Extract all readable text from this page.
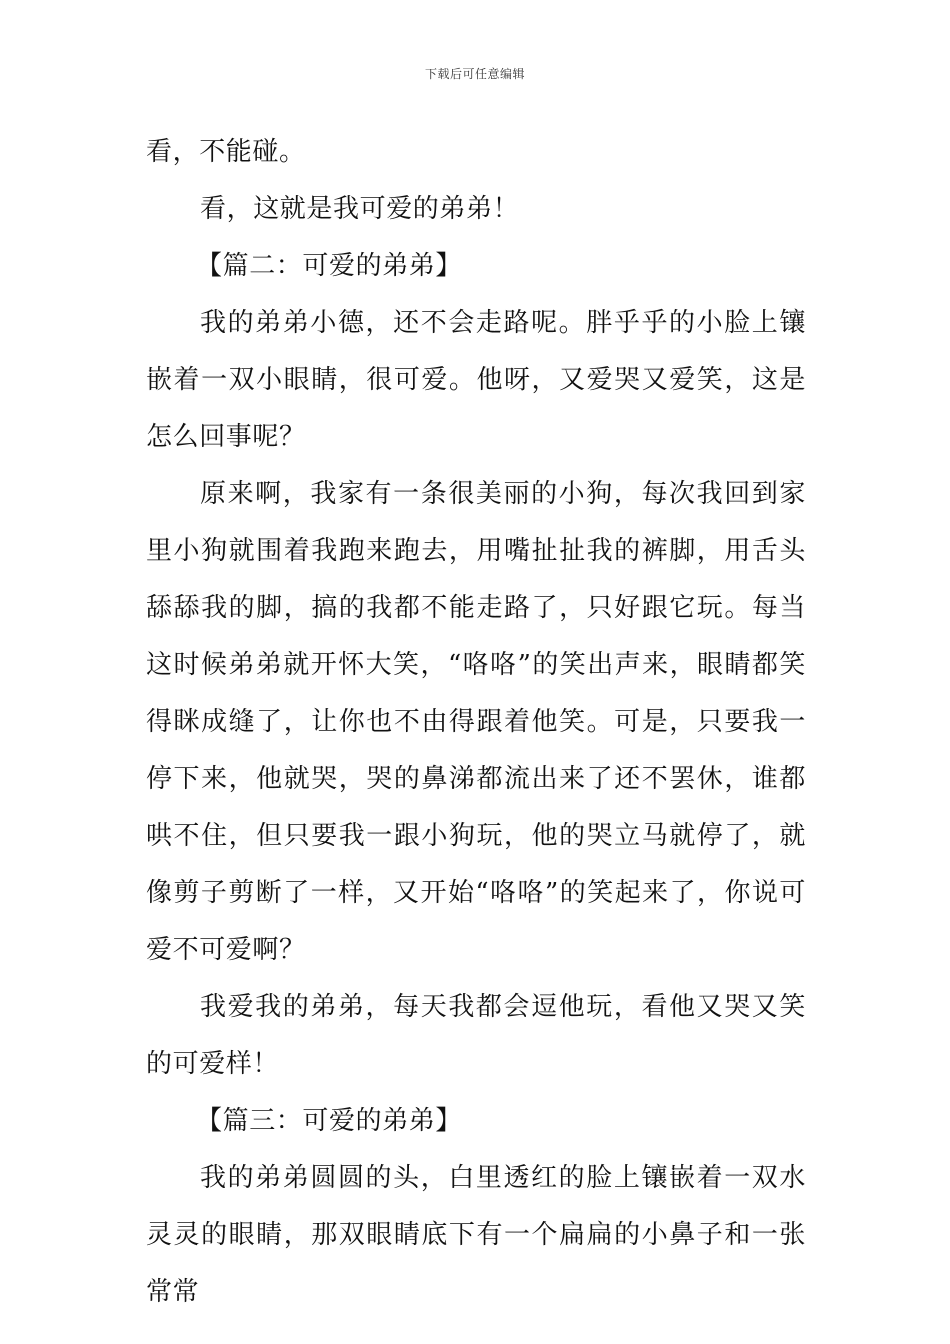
下载后可任意编辑

看，不能碰。

看，这就是我可爱的弟弟！

【篇二：可爱的弟弟】

我的弟弟小德，还不会走路呢。胖乎乎的小脸上镶嵌着一双小眼睛，很可爱。他呀，又爱哭又爱笑，这是怎么回事呢？

原来啊，我家有一条很美丽的小狗，每次我回到家里小狗就围着我跑来跑去，用嘴扯扯我的裤脚，用舌头舔舔我的脚，搞的我都不能走路了，只好跟它玩。每当这时候弟弟就开怀大笑，“咯咯”的笑出声来，眼睛都笑得眯成缝了，让你也不由得跟着他笑。可是，只要我一停下来，他就哭，哭的鼻涕都流出来了还不罢休，谁都哄不住，但只要我一跟小狗玩，他的哭立马就停了，就像剪子剪断了一样，又开始“咯咯”的笑起来了，你说可爱不可爱啊？

我爱我的弟弟，每天我都会逗他玩，看他又哭又笑的可爱样！

【篇三：可爱的弟弟】

我的弟弟圆圆的头，白里透红的脸上镶嵌着一双水灵灵的眼睛，那双眼睛底下有一个扁扁的小鼻子和一张常常
